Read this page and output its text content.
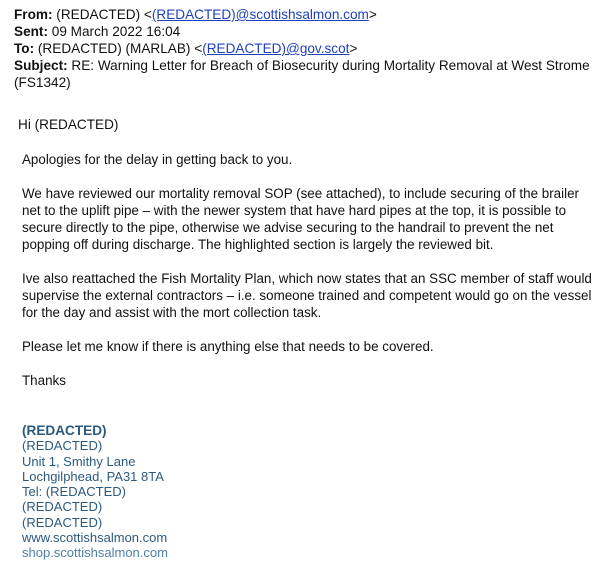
From: (REDACTED) <(REDACTED)@scottishsalmon.com>
Sent: 09 March 2022 16:04
To: (REDACTED) (MARLAB) <(REDACTED)@gov.scot>
Subject: RE: Warning Letter for Breach of Biosecurity during Mortality Removal at West Strome (FS1342)
Hi (REDACTED)

Apologies for the delay in getting back to you.

We have reviewed our mortality removal SOP (see attached), to include securing of the brailer net to the uplift pipe – with the newer system that have hard pipes at the top, it is possible to secure directly to the pipe, otherwise we advise securing to the handrail to prevent the net popping off during discharge. The highlighted section is largely the reviewed bit.

Ive also reattached the Fish Mortality Plan, which now states that an SSC member of staff would supervise the external contractors – i.e. someone trained and competent would go on the vessel for the day and assist with the mort collection task.

Please let me know if there is anything else that needs to be covered.

Thanks

(REDACTED)
(REDACTED)
Unit 1, Smithy Lane
Lochgilphead, PA31 8TA
Tel: (REDACTED)
(REDACTED)
(REDACTED)
www.scottishsalmon.com
shop.scottishsalmon.com
